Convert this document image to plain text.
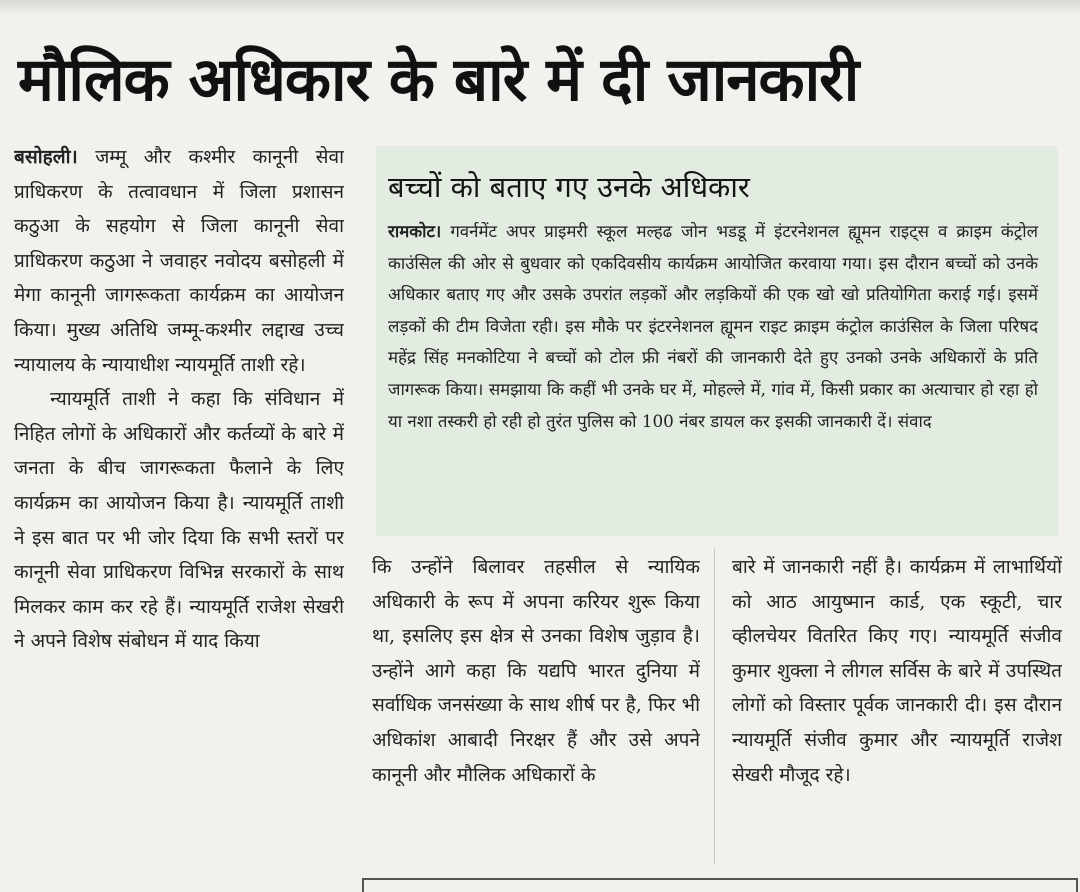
मौलिक अधिकार के बारे में दी जानकारी

बसोहली। जम्मू और कश्मीर कानूनी सेवा प्राधिकरण के तत्वावधान में जिला प्रशासन कठुआ के सहयोग से जिला कानूनी सेवा प्राधिकरण कठुआ ने जवाहर नवोदय बसोहली में मेगा कानूनी जागरूकता कार्यक्रम का आयोजन किया। मुख्य अतिथि जम्मू-कश्मीर लद्दाख उच्च न्यायालय के न्यायाधीश न्यायमूर्ति ताशी रहे।

न्यायमूर्ति ताशी ने कहा कि संविधान में निहित लोगों के अधिकारों और कर्तव्यों के बारे में जनता के बीच जागरूकता फैलाने के लिए कार्यक्रम का आयोजन किया है। न्यायमूर्ति ताशी ने इस बात पर भी जोर दिया कि सभी स्तरों पर कानूनी सेवा प्राधिकरण विभिन्न सरकारों के साथ मिलकर काम कर रहे हैं। न्यायमूर्ति राजेश सेखरी ने अपने विशेष संबोधन में याद किया

बच्चों को बताए गए उनके अधिकार

रामकोट। गवर्नमेंट अपर प्राइमरी स्कूल मल्हढ जोन भडडू में इंटरनेशनल ह्यूमन राइट्स व क्राइम कंट्रोल काउंसिल की ओर से बुधवार को एकदिवसीय कार्यक्रम आयोजित करवाया गया। इस दौरान बच्चों को उनके अधिकार बताए गए और उसके उपरांत लड़कों और लड़कियों की एक खो खो प्रतियोगिता कराई गई। इसमें लड़कों की टीम विजेता रही। इस मौके पर इंटरनेशनल ह्यूमन राइट क्राइम कंट्रोल काउंसिल के जिला परिषद महेंद्र सिंह मनकोटिया ने बच्चों को टोल फ्री नंबरों की जानकारी देते हुए उनको उनके अधिकारों के प्रति जागरूक किया। समझाया कि कहीं भी उनके घर में, मोहल्ले में, गांव में, किसी प्रकार का अत्याचार हो रहा हो या नशा तस्करी हो रही हो तुरंत पुलिस को 100 नंबर डायल कर इसकी जानकारी दें। संवाद

कि उन्होंने बिलावर तहसील से न्यायिक अधिकारी के रूप में अपना करियर शुरू किया था, इसलिए इस क्षेत्र से उनका विशेष जुड़ाव है। उन्होंने आगे कहा कि यद्यपि भारत दुनिया में सर्वाधिक जनसंख्या के साथ शीर्ष पर है, फिर भी अधिकांश आबादी निरक्षर हैं और उसे अपने कानूनी और मौलिक अधिकारों के

बारे में जानकारी नहीं है। कार्यक्रम में लाभार्थियों को आठ आयुष्मान कार्ड, एक स्कूटी, चार व्हीलचेयर वितरित किए गए। न्यायमूर्ति संजीव कुमार शुक्ला ने लीगल सर्विस के बारे में उपस्थित लोगों को विस्तार पूर्वक जानकारी दी। इस दौरान न्यायमूर्ति संजीव कुमार और न्यायमूर्ति राजेश सेखरी मौजूद रहे।
